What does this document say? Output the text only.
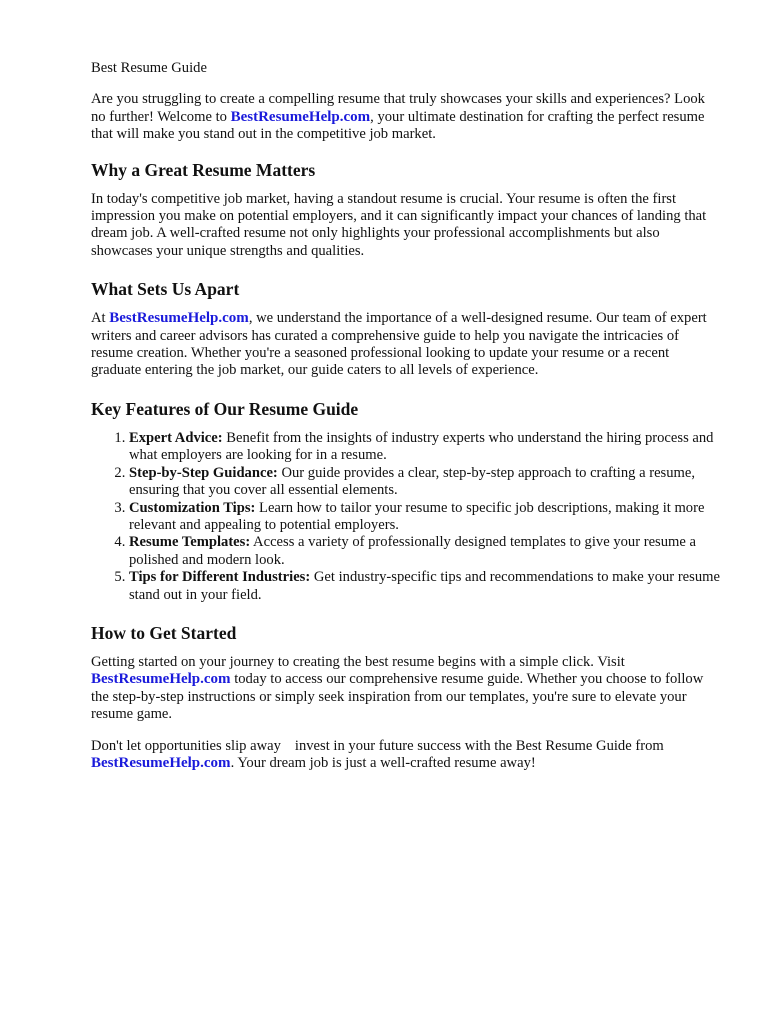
Best Resume Guide

Are you struggling to create a compelling resume that truly showcases your skills and experiences? Look no further! Welcome to BestResumeHelp.com, your ultimate destination for crafting the perfect resume that will make you stand out in the competitive job market.

Why a Great Resume Matters

In today's competitive job market, having a standout resume is crucial. Your resume is often the first impression you make on potential employers, and it can significantly impact your chances of landing that dream job. A well-crafted resume not only highlights your professional accomplishments but also showcases your unique strengths and qualities.

What Sets Us Apart

At BestResumeHelp.com, we understand the importance of a well-designed resume. Our team of expert writers and career advisors has curated a comprehensive guide to help you navigate the intricacies of resume creation. Whether you're a seasoned professional looking to update your resume or a recent graduate entering the job market, our guide caters to all levels of experience.

Key Features of Our Resume Guide
1. Expert Advice: Benefit from the insights of industry experts who understand the hiring process and what employers are looking for in a resume.
2. Step-by-Step Guidance: Our guide provides a clear, step-by-step approach to crafting a resume, ensuring that you cover all essential elements.
3. Customization Tips: Learn how to tailor your resume to specific job descriptions, making it more relevant and appealing to potential employers.
4. Resume Templates: Access a variety of professionally designed templates to give your resume a polished and modern look.
5. Tips for Different Industries: Get industry-specific tips and recommendations to make your resume stand out in your field.
How to Get Started

Getting started on your journey to creating the best resume begins with a simple click. Visit BestResumeHelp.com today to access our comprehensive resume guide. Whether you choose to follow the step-by-step instructions or simply seek inspiration from our templates, you're sure to elevate your resume game.

Don't let opportunities slip away invest in your future success with the Best Resume Guide from BestResumeHelp.com. Your dream job is just a well-crafted resume away!
